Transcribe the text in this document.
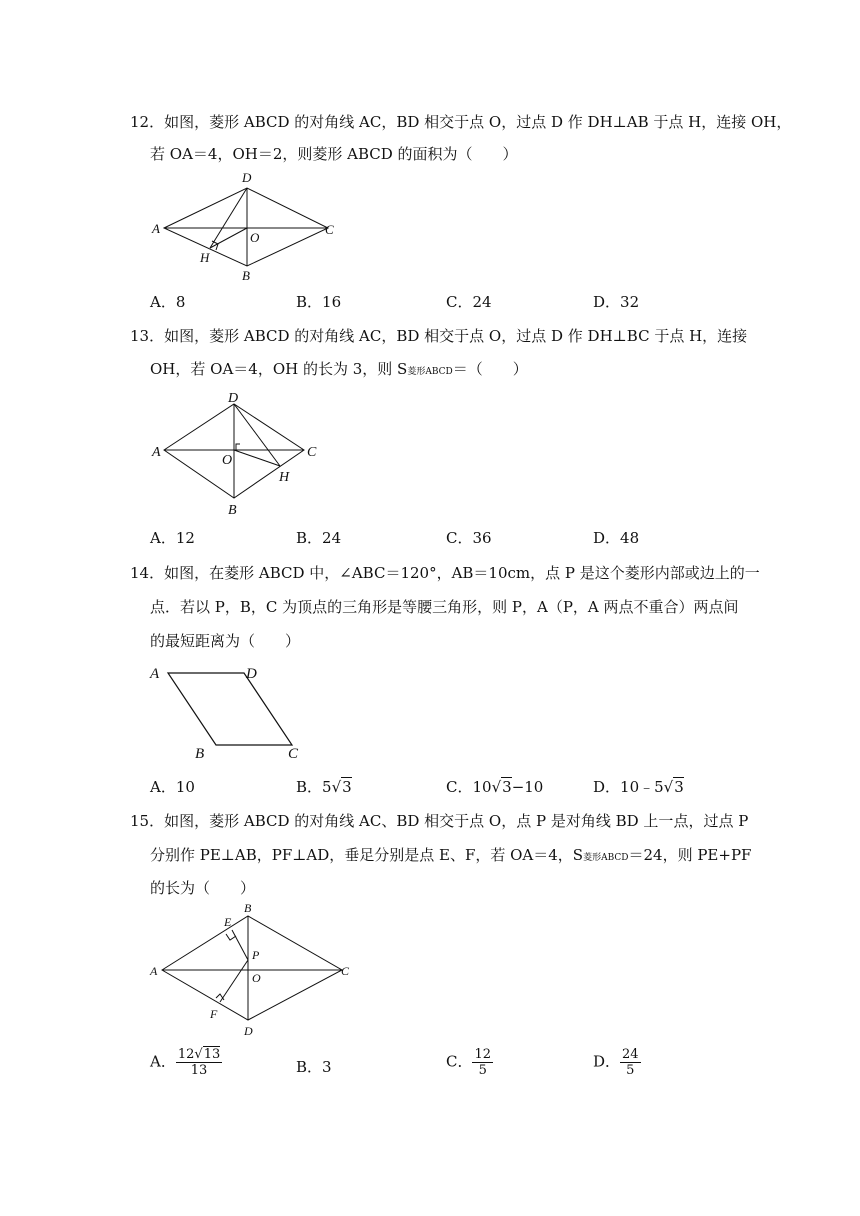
12．如图，菱形 ABCD 的对角线 AC，BD 相交于点 O，过点 D 作 DH⊥AB 于点 H，连接 OH，
若 OA＝4，OH＝2，则菱形 ABCD 的面积为（　　）
A
D
C
B
O
H
A．8	B．16	C．24	D．32
13．如图，菱形 ABCD 的对角线 AC，BD 相交于点 O，过点 D 作 DH⊥BC 于点 H，连接
OH，若 OA＝4，OH 的长为 3，则 S菱形ABCD＝（　　）
A
D
C
B
O
H
A．12	B．24	C．36	D．48
14．如图，在菱形 ABCD 中，∠ABC＝120°，AB＝10cm，点 P 是这个菱形内部或边上的一
点．若以 P，B，C 为顶点的三角形是等腰三角形，则 P，A（P，A 两点不重合）两点间
的最短距离为（　　）
A	D
B	C
A．10	B．5√3	C．10√3−10	D．10﹣5√3
15．如图，菱形 ABCD 的对角线 AC、BD 相交于点 O，点 P 是对角线 BD 上一点，过点 P
分别作 PE⊥AB，PF⊥AD，垂足分别是点 E、F，若 OA＝4，S菱形ABCD＝24，则 PE+PF
的长为（　　）
A
B
C
D
O
P
E
F
A． $\frac{12√13}{13}$	B．3	C． $\frac{12}{5}$	D． $\frac{24}{5}$
